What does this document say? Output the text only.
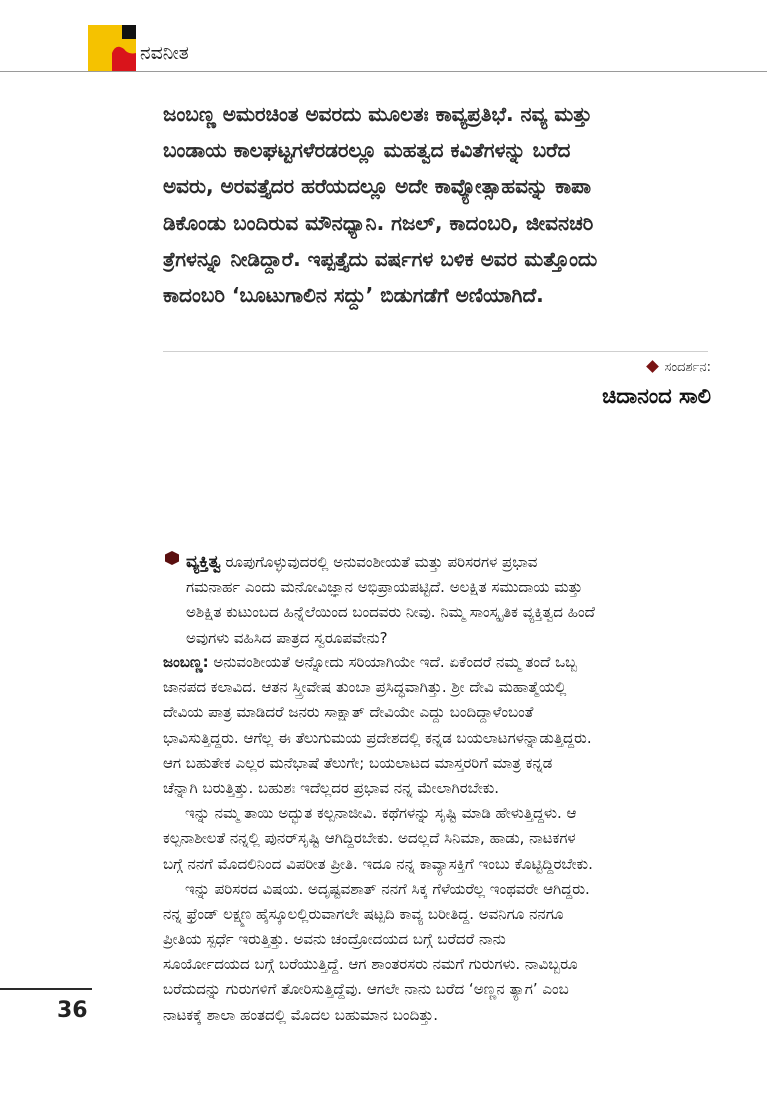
ನವನೀತ
ಜಂಬಣ್ಣ ಅಮರಚಿಂತ ಅವರದು ಮೂಲತಃ ಕಾವ್ಯಪ್ರತಿಭೆ. ನವ್ಯ ಮತ್ತು
ಬಂಡಾಯ ಕಾಲಘಟ್ಟಗಳೆರಡರಲ್ಲೂ ಮಹತ್ವದ ಕವಿತೆಗಳನ್ನು ಬರೆದ
ಅವರು, ಅರವತ್ತೈದರ ಹರೆಯದಲ್ಲೂ ಅದೇ ಕಾವ್ಯೋತ್ಸಾಹವನ್ನು ಕಾಪಾ
ಡಿಕೊಂಡು ಬಂದಿರುವ ಮೌನಧ್ಯಾನಿ. ಗಜಲ್, ಕಾದಂಬರಿ, ಜೀವನಚರಿ
ತ್ರೆಗಳನ್ನೂ ನೀಡಿದ್ದಾರೆ. ಇಪ್ಪತ್ತೈದು ವರ್ಷಗಳ ಬಳಿಕ ಅವರ ಮತ್ತೊಂದು
ಕಾದಂಬರಿ ‘ಬೂಟುಗಾಲಿನ ಸದ್ದು’ ಬಿಡುಗಡೆಗೆ ಅಣಿಯಾಗಿದೆ.
ಸಂದರ್ಶನ:
ಚಿದಾನಂದ ಸಾಲಿ
ವ್ಯಕ್ತಿತ್ವ ರೂಪುಗೊಳ್ಳುವುದರಲ್ಲಿ ಅನುವಂಶೀಯತೆ ಮತ್ತು ಪರಿಸರಗಳ ಪ್ರಭಾವ
ಗಮನಾರ್ಹ ಎಂದು ಮನೋವಿಜ್ಞಾನ ಅಭಿಪ್ರಾಯಪಟ್ಟಿದೆ. ಅಲಕ್ಷಿತ ಸಮುದಾಯ ಮತ್ತು
ಅಶಿಕ್ಷಿತ ಕುಟುಂಬದ ಹಿನ್ನೆಲೆಯಿಂದ ಬಂದವರು ನೀವು. ನಿಮ್ಮ ಸಾಂಸ್ಕೃತಿಕ ವ್ಯಕ್ತಿತ್ವದ ಹಿಂದೆ
ಅವುಗಳು ವಹಿಸಿದ ಪಾತ್ರದ ಸ್ವರೂಪವೇನು?
ಜಂಬಣ್ಣ: ಅನುವಂಶೀಯತೆ ಅನ್ನೋದು ಸರಿಯಾಗಿಯೇ ಇದೆ. ಏಕೆಂದರೆ ನಮ್ಮ ತಂದೆ ಒಬ್ಬ
ಜಾನಪದ ಕಲಾವಿದ. ಆತನ ಸ್ತ್ರೀವೇಷ ತುಂಬಾ ಪ್ರಸಿದ್ಧವಾಗಿತ್ತು. ಶ್ರೀ ದೇವಿ ಮಹಾತ್ಮೆಯಲ್ಲಿ
ದೇವಿಯ ಪಾತ್ರ ಮಾಡಿದರೆ ಜನರು ಸಾಕ್ಷಾತ್ ದೇವಿಯೇ ಎದ್ದು ಬಂದಿದ್ದಾಳೆಂಬಂತೆ
ಭಾವಿಸುತ್ತಿದ್ದರು. ಆಗೆಲ್ಲ ಈ ತೆಲುಗುಮಯ ಪ್ರದೇಶದಲ್ಲಿ ಕನ್ನಡ ಬಯಲಾಟಗಳನ್ನಾಡುತ್ತಿದ್ದರು.
ಆಗ ಬಹುತೇಕ ಎಲ್ಲರ ಮನೆಭಾಷೆ ತೆಲುಗೇ; ಬಯಲಾಟದ ಮಾಸ್ತರರಿಗೆ ಮಾತ್ರ ಕನ್ನಡ
ಚೆನ್ನಾಗಿ ಬರುತ್ತಿತ್ತು. ಬಹುಶಃ ಇದೆಲ್ಲದರ ಪ್ರಭಾವ ನನ್ನ ಮೇಲಾಗಿರಬೇಕು.
ಇನ್ನು ನಮ್ಮ ತಾಯಿ ಅದ್ಭುತ ಕಲ್ಪನಾಜೀವಿ. ಕಥೆಗಳನ್ನು ಸೃಷ್ಟಿ ಮಾಡಿ ಹೇಳುತ್ತಿದ್ದಳು. ಆ
ಕಲ್ಪನಾಶೀಲತೆ ನನ್ನಲ್ಲಿ ಪುನರ್‌ಸೃಷ್ಟಿ ಆಗಿದ್ದಿರಬೇಕು. ಅದಲ್ಲದೆ ಸಿನಿಮಾ, ಹಾಡು, ನಾಟಕಗಳ
ಬಗ್ಗೆ ನನಗೆ ಮೊದಲಿನಿಂದ ವಿಪರೀತ ಪ್ರೀತಿ. ಇದೂ ನನ್ನ ಕಾವ್ಯಾಸಕ್ತಿಗೆ ಇಂಬು ಕೊಟ್ಟಿದ್ದಿರಬೇಕು.
ಇನ್ನು ಪರಿಸರದ ವಿಷಯ. ಅದೃಷ್ಟವಶಾತ್ ನನಗೆ ಸಿಕ್ಕ ಗೆಳೆಯರೆಲ್ಲ ಇಂಥವರೇ ಆಗಿದ್ದರು.
ನನ್ನ ಫ್ರೆಂಡ್ ಲಕ್ಷ್ಮಣ ಹೈಸ್ಕೂಲಲ್ಲಿರುವಾಗಲೇ ಷಟ್ಪದಿ ಕಾವ್ಯ ಬರೀತಿದ್ದ. ಅವನಿಗೂ ನನಗೂ
ಪ್ರೀತಿಯ ಸ್ಪರ್ಧೆ ಇರುತ್ತಿತ್ತು. ಅವನು ಚಂದ್ರೋದಯದ ಬಗ್ಗೆ ಬರೆದರೆ ನಾನು
ಸೂರ್ಯೋದಯದ ಬಗ್ಗೆ ಬರೆಯುತ್ತಿದ್ದೆ. ಆಗ ಶಾಂತರಸರು ನಮಗೆ ಗುರುಗಳು. ನಾವಿಬ್ಬರೂ
ಬರೆದುದನ್ನು ಗುರುಗಳಿಗೆ ತೋರಿಸುತ್ತಿದ್ದೆವು. ಆಗಲೇ ನಾನು ಬರೆದ ‘ಅಣ್ಣನ ತ್ಯಾಗ’ ಎಂಬ
ನಾಟಕಕ್ಕೆ ಶಾಲಾ ಹಂತದಲ್ಲಿ ಮೊದಲ ಬಹುಮಾನ ಬಂದಿತ್ತು.
36
